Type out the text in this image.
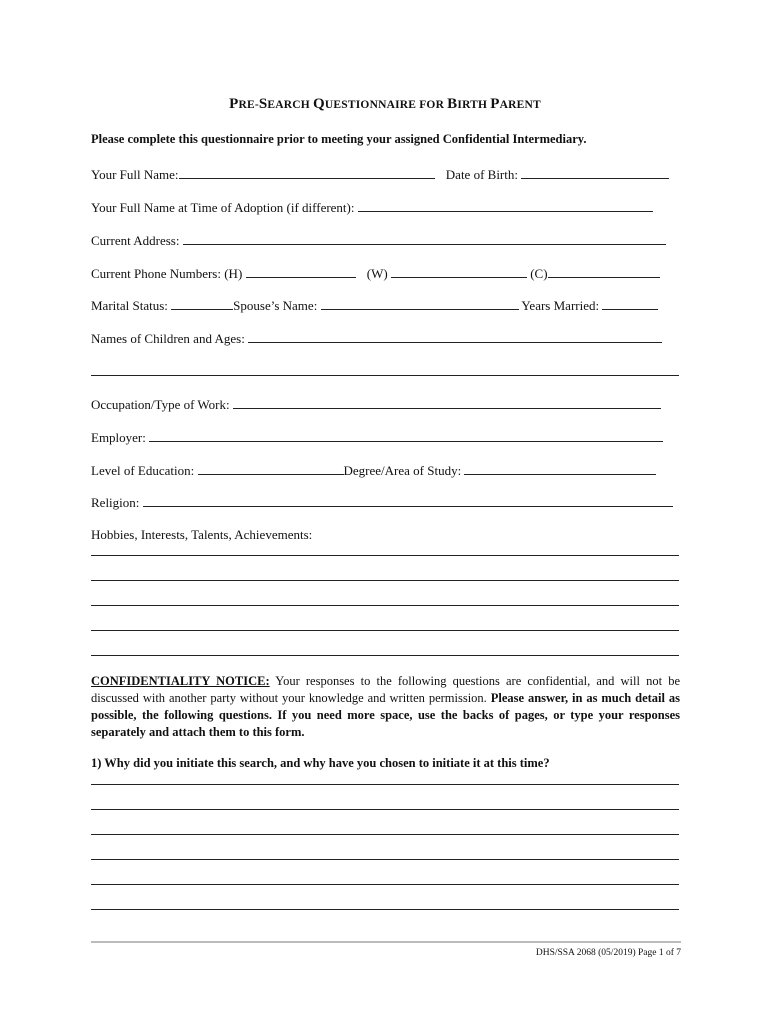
PRE-SEARCH QUESTIONNAIRE FOR BIRTH PARENT
Please complete this questionnaire prior to meeting your assigned Confidential Intermediary.
Your Full Name:	Date of Birth:
Your Full Name at Time of Adoption (if different):
Current Address:
Current Phone Numbers: (H)	(W)	(C)
Marital Status:	Spouse’s Name:	Years Married:
Names of Children and Ages:
Occupation/Type of Work:
Employer:
Level of Education:	Degree/Area of Study:
Religion:
Hobbies, Interests, Talents, Achievements:
CONFIDENTIALITY NOTICE: Your responses to the following questions are confidential, and will not be discussed with another party without your knowledge and written permission. Please answer, in as much detail as possible, the following questions. If you need more space, use the backs of pages, or type your responses separately and attach them to this form.
1) Why did you initiate this search, and why have you chosen to initiate it at this time?
DHS/SSA 2068 (05/2019) Page 1 of 7
